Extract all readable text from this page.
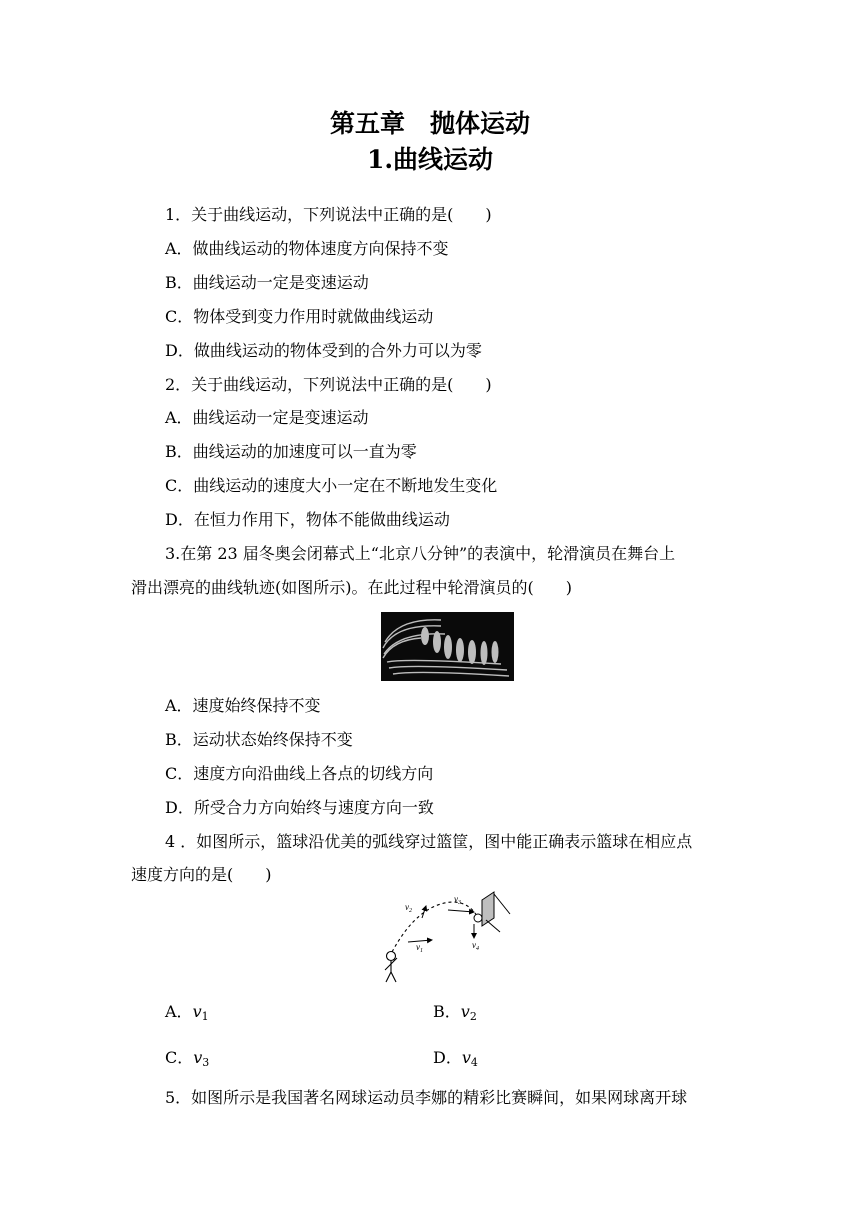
第五章　抛体运动
1.曲线运动
1．关于曲线运动，下列说法中正确的是(　　)
A．做曲线运动的物体速度方向保持不变
B．曲线运动一定是变速运动
C．物体受到变力作用时就做曲线运动
D．做曲线运动的物体受到的合外力可以为零
2．关于曲线运动，下列说法中正确的是(　　)
A．曲线运动一定是变速运动
B．曲线运动的加速度可以一直为零
C．曲线运动的速度大小一定在不断地发生变化
D．在恒力作用下，物体不能做曲线运动
3.在第 23 届冬奥会闭幕式上“北京八分钟”的表演中，轮滑演员在舞台上
滑出漂亮的曲线轨迹(如图所示)。在此过程中轮滑演员的(　　)
A．速度始终保持不变
B．运动状态始终保持不变
C．速度方向沿曲线上各点的切线方向
D．所受合力方向始终与速度方向一致
4 ．如图所示，篮球沿优美的弧线穿过篮筐，图中能正确表示篮球在相应点
速度方向的是(　　)
$v_1$
$v_2$
$v_3$
$v_4$
A．$v_1$	B．$v_2$
C．$v_3$	D．$v_4$
5．如图所示是我国著名网球运动员李娜的精彩比赛瞬间，如果网球离开球
